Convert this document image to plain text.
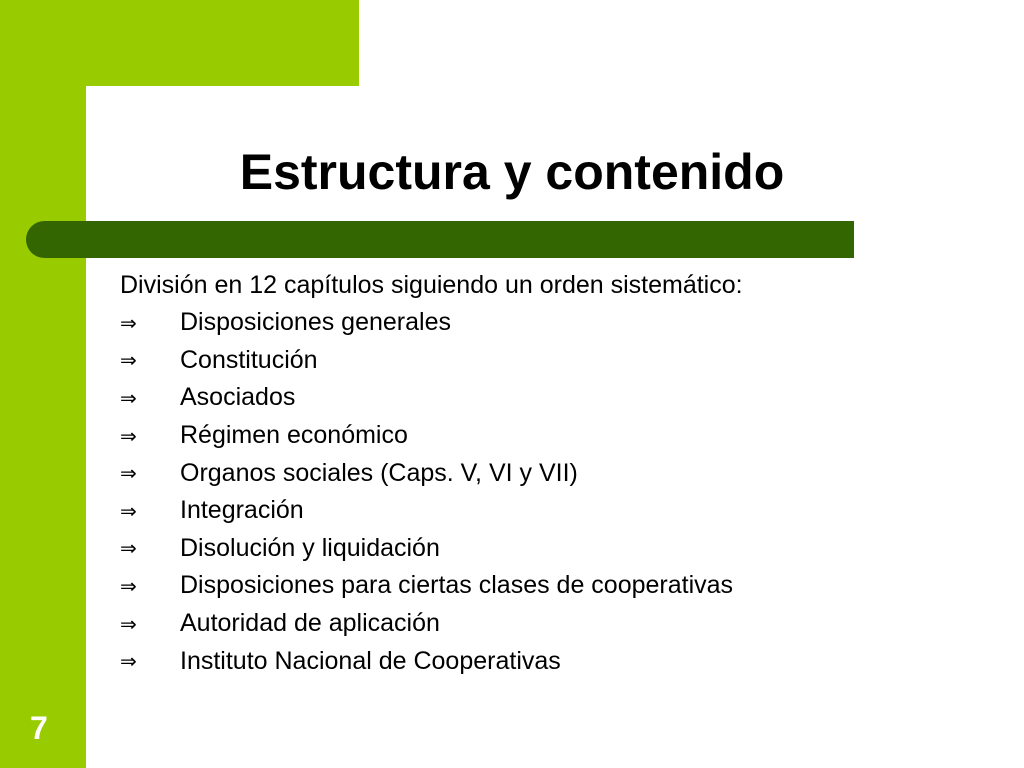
Estructura y contenido
División en 12 capítulos siguiendo un orden sistemático:
⇒	Disposiciones generales
⇒	Constitución
⇒	Asociados
⇒	Régimen económico
⇒	Organos sociales (Caps. V, VI y VII)
⇒	Integración
⇒	Disolución y liquidación
⇒	Disposiciones para ciertas clases de cooperativas
⇒	Autoridad de aplicación
⇒	Instituto Nacional de Cooperativas
7
